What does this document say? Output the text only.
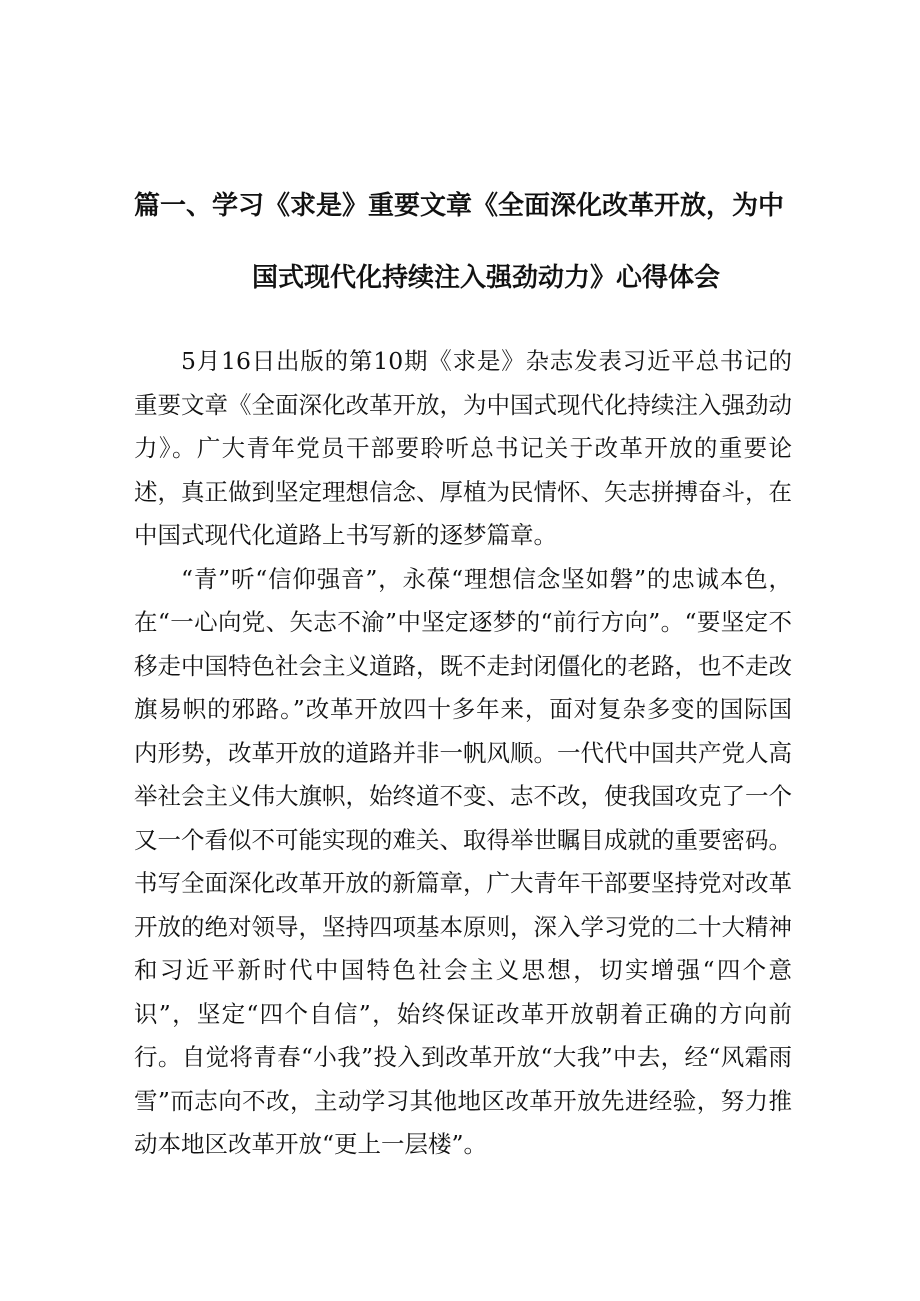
篇一、学习《求是》重要文章《全面深化改革开放，为中
国式现代化持续注入强劲动力》心得体会

5月16日出版的第10期《求是》杂志发表习近平总书记的重要文章《全面深化改革开放，为中国式现代化持续注入强劲动力》。广大青年党员干部要聆听总书记关于改革开放的重要论述，真正做到坚定理想信念、厚植为民情怀、矢志拼搏奋斗，在中国式现代化道路上书写新的逐梦篇章。

“青”听“信仰强音”，永葆“理想信念坚如磐”的忠诚本色，在“一心向党、矢志不渝”中坚定逐梦的“前行方向”。“要坚定不移走中国特色社会主义道路，既不走封闭僵化的老路，也不走改旗易帜的邪路。”改革开放四十多年来，面对复杂多变的国际国内形势，改革开放的道路并非一帆风顺。一代代中国共产党人高举社会主义伟大旗帜，始终道不变、志不改，使我国攻克了一个又一个看似不可能实现的难关、取得举世瞩目成就的重要密码。书写全面深化改革开放的新篇章，广大青年干部要坚持党对改革开放的绝对领导，坚持四项基本原则，深入学习党的二十大精神和习近平新时代中国特色社会主义思想，切实增强“四个意识”，坚定“四个自信”，始终保证改革开放朝着正确的方向前行。自觉将青春“小我”投入到改革开放“大我”中去，经“风霜雨雪”而志向不改，主动学习其他地区改革开放先进经验，努力推动本地区改革开放“更上一层楼”。
